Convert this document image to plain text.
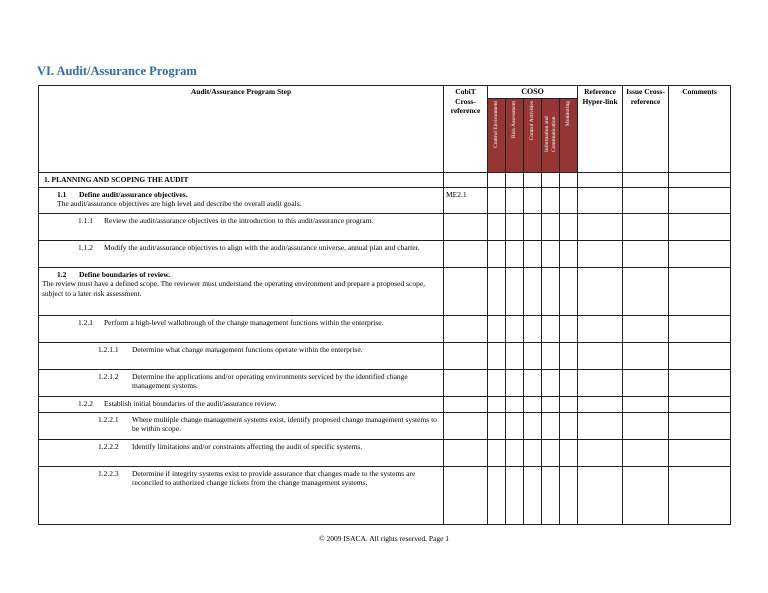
VI. Audit/Assurance Program
Audit/Assurance Program Step	CobiT Cross-reference	COSO					Reference Hyper-link	Issue Cross-reference	Comments
		Control Environment	Risk Assessment	Control Activities	Information and Communication	Monitoring			

1. PLANNING AND SCOPING THE AUDIT									

1.1 Define audit/assurance objectives.
The audit/assurance objectives are high level and describe the overall audit goals.	ME2.1								

1.1.1 Review the audit/assurance objectives in the introduction to this audit/assurance program.									

1.1.2 Modify the audit/assurance objectives to align with the audit/assurance universe, annual plan and charter.									

1.2 Define boundaries of review.
The review must have a defined scope. The reviewer must understand the operating environment and prepare a proposed scope, subject to a later risk assessment.									

1.2.1 Perform a high-level walkthrough of the change management functions within the enterprise.									

1.2.1.1 Determine what change management functions operate within the enterprise.									

1.2.1.2 Determine the applications and/or operating environments serviced by the identified change management systems.									

1.2.2 Establish initial boundaries of the audit/assurance review.									

1.2.2.1 Where multiple change management systems exist, identify proposed change management systems to be within scope.									

1.2.2.2 Identify limitations and/or constraints affecting the audit of specific systems.									

1.2.2.3 Determine if integrity systems exist to provide assurance that changes made to the systems are reconciled to authorized change tickets from the change management systems.									

© 2009 ISACA. All rights reserved. Page 1
